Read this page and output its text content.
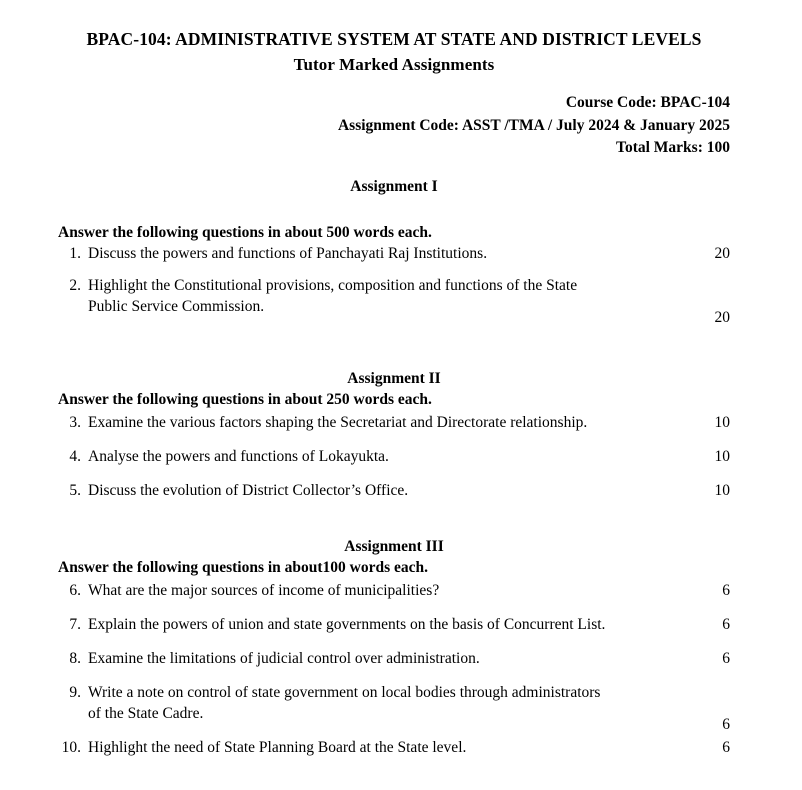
BPAC-104: ADMINISTRATIVE SYSTEM AT STATE AND DISTRICT LEVELS
Tutor Marked Assignments
Course Code: BPAC-104
Assignment Code: ASST /TMA / July 2024 & January 2025
Total Marks: 100
Assignment I
Answer the following questions in about 500 words each.
1. Discuss the powers and functions of Panchayati Raj Institutions.	20
2. Highlight the Constitutional provisions, composition and functions of the State
Public Service Commission.
20
Assignment II
Answer the following questions in about 250 words each.
3. Examine the various factors shaping the Secretariat and Directorate relationship.	10
4. Analyse the powers and functions of Lokayukta.	10
5. Discuss the evolution of District Collector’s Office.	10
Assignment III
Answer the following questions in about100 words each.
6. What are the major sources of income of municipalities?	6
7. Explain the powers of union and state governments on the basis of Concurrent List.	6
8. Examine the limitations of judicial control over administration.	6
9. Write a note on control of state government on local bodies through administrators
of the State Cadre.
6
10. Highlight the need of State Planning Board at the State level.	6
